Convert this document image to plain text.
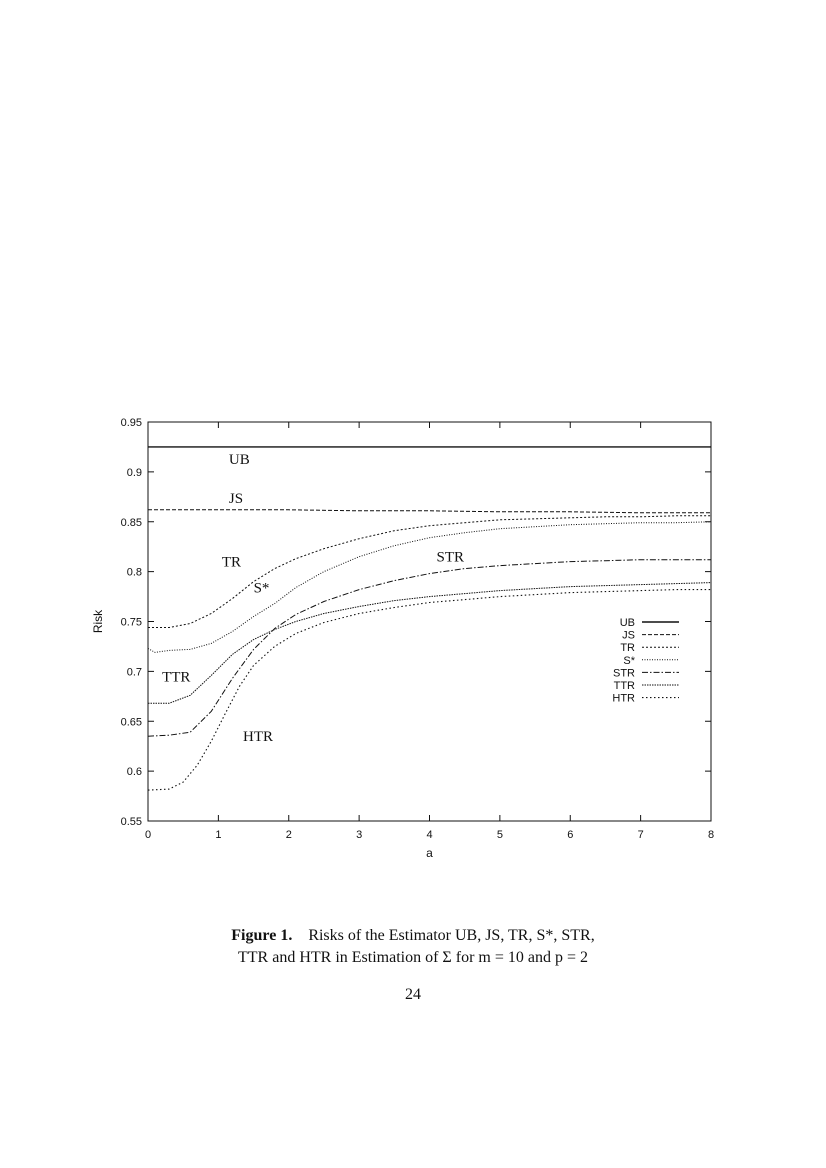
0	1	2	3	4	5	6	7	8
0.55
0.6
0.65
0.7
0.75
0.8
0.85
0.9
0.95
a
Risk
UB
JS
TR
S*
STR
TTR
HTR
UB
JS
TR
S*
STR
TTR
HTR
Figure 1. Risks of the Estimator UB, JS, TR, S*, STR,
TTR and HTR in Estimation of Σ for m = 10 and p = 2
24
